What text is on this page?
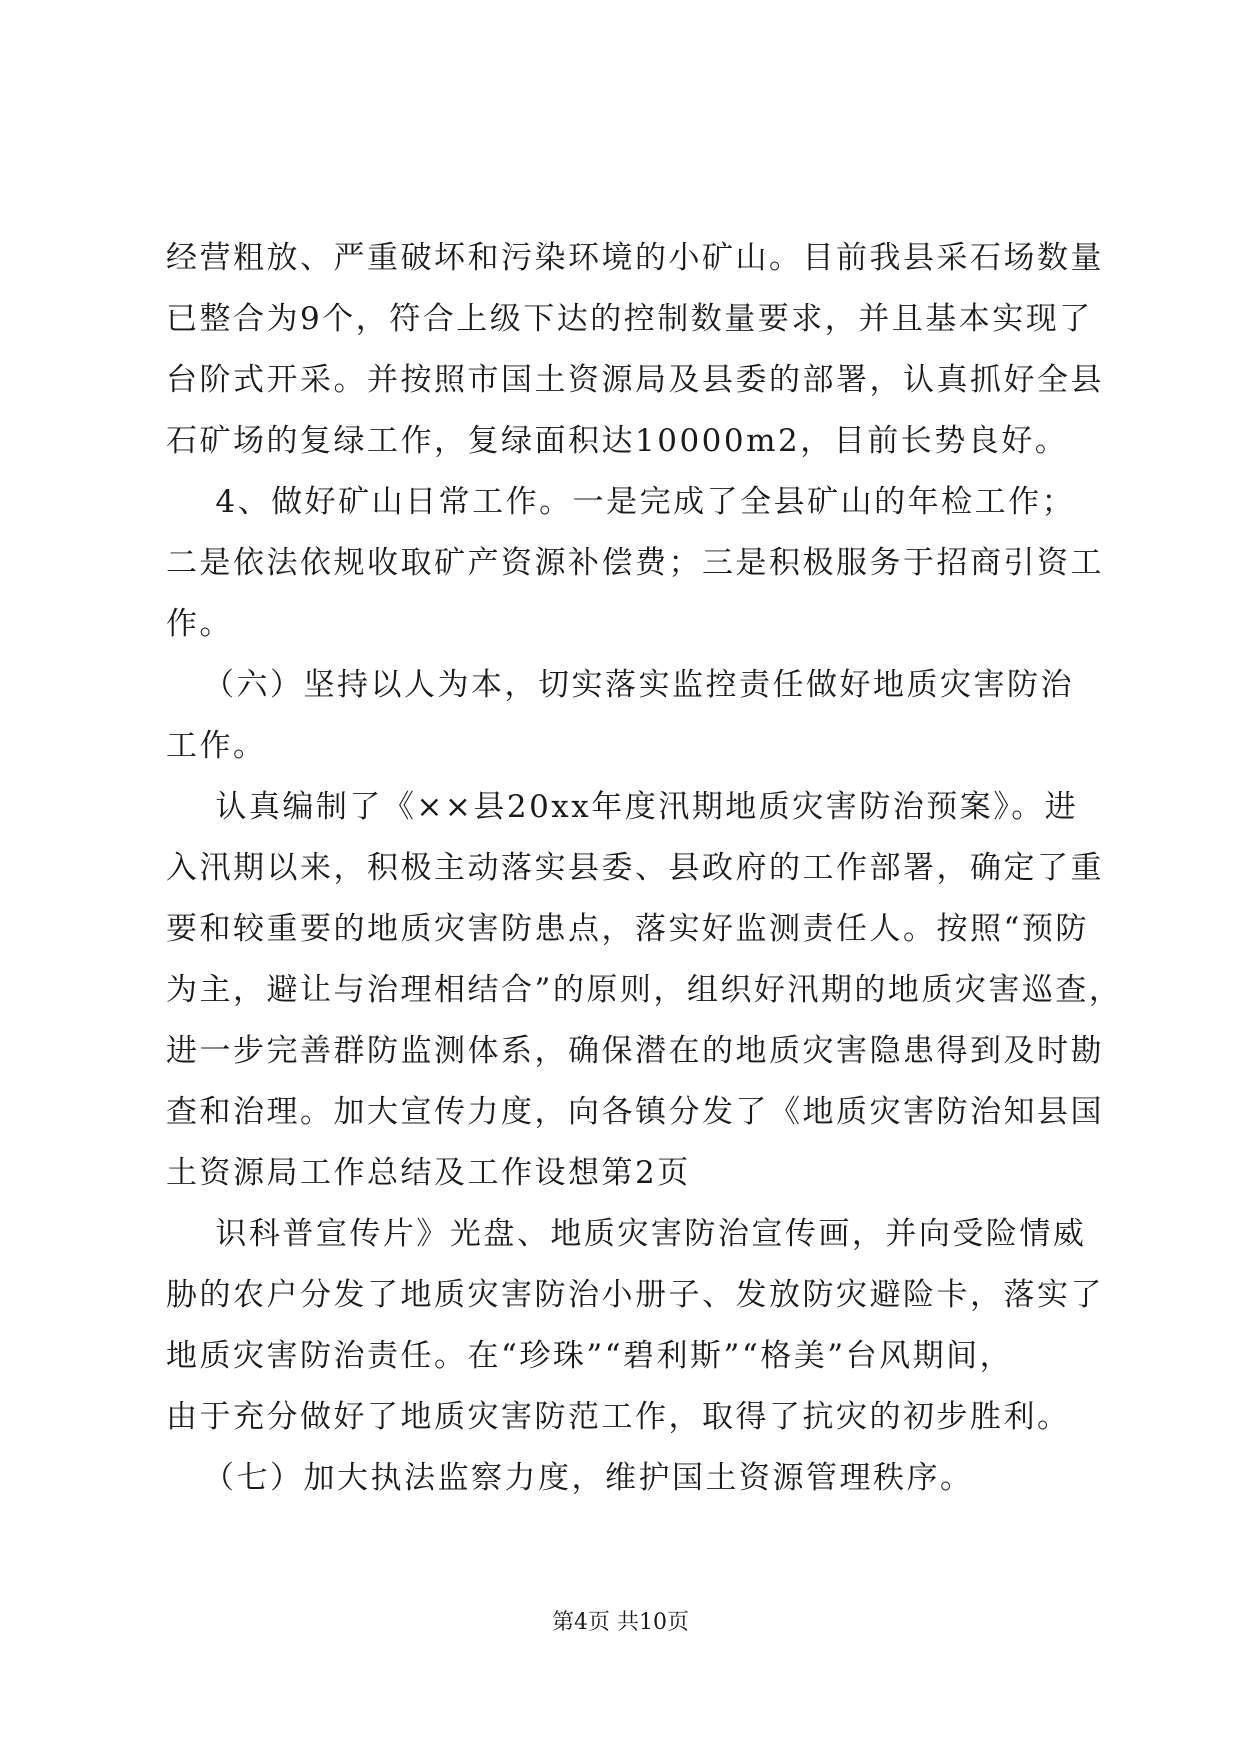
经营粗放、严重破坏和污染环境的小矿山。目前我县采石场数量
已整合为9个，符合上级下达的控制数量要求，并且基本实现了
台阶式开采。并按照市国土资源局及县委的部署，认真抓好全县
石矿场的复绿工作，复绿面积达10000m2，目前长势良好。
4、做好矿山日常工作。一是完成了全县矿山的年检工作；
二是依法依规收取矿产资源补偿费；三是积极服务于招商引资工
作。
（六）坚持以人为本，切实落实监控责任做好地质灾害防治
工作。
认真编制了《××县20xx年度汛期地质灾害防治预案》。进
入汛期以来，积极主动落实县委、县政府的工作部署，确定了重
要和较重要的地质灾害防患点，落实好监测责任人。按照“预防
为主，避让与治理相结合”的原则，组织好汛期的地质灾害巡查，
进一步完善群防监测体系，确保潜在的地质灾害隐患得到及时勘
查和治理。加大宣传力度，向各镇分发了《地质灾害防治知县国
土资源局工作总结及工作设想第2页
识科普宣传片》光盘、地质灾害防治宣传画，并向受险情威
胁的农户分发了地质灾害防治小册子、发放防灾避险卡，落实了
地质灾害防治责任。在“珍珠”“碧利斯”“格美”台风期间，
由于充分做好了地质灾害防范工作，取得了抗灾的初步胜利。
（七）加大执法监察力度，维护国土资源管理秩序。
第4页 共10页
